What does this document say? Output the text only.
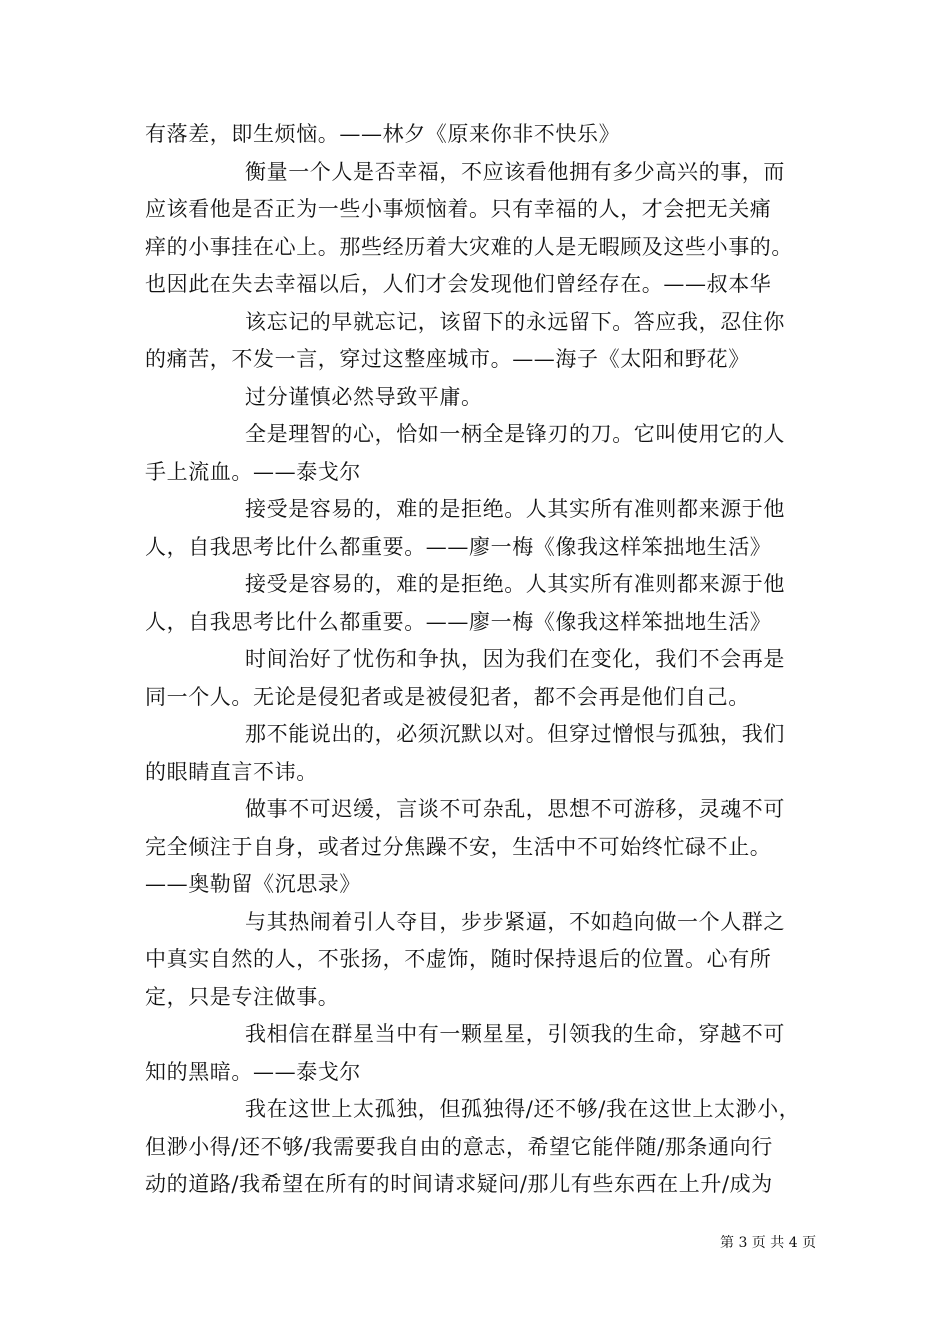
有落差，即生烦恼。——林夕《原来你非不快乐》
衡量一个人是否幸福，不应该看他拥有多少高兴的事，而
应该看他是否正为一些小事烦恼着。只有幸福的人，才会把无关痛
痒的小事挂在心上。那些经历着大灾难的人是无暇顾及这些小事的。
也因此在失去幸福以后，人们才会发现他们曾经存在。——叔本华
该忘记的早就忘记，该留下的永远留下。答应我，忍住你
的痛苦，不发一言，穿过这整座城市。——海子《太阳和野花》
过分谨慎必然导致平庸。
全是理智的心，恰如一柄全是锋刃的刀。它叫使用它的人
手上流血。——泰戈尔
接受是容易的，难的是拒绝。人其实所有准则都来源于他
人，自我思考比什么都重要。——廖一梅《像我这样笨拙地生活》
接受是容易的，难的是拒绝。人其实所有准则都来源于他
人，自我思考比什么都重要。——廖一梅《像我这样笨拙地生活》
时间治好了忧伤和争执，因为我们在变化，我们不会再是
同一个人。无论是侵犯者或是被侵犯者，都不会再是他们自己。
那不能说出的，必须沉默以对。但穿过憎恨与孤独，我们
的眼睛直言不讳。
做事不可迟缓，言谈不可杂乱，思想不可游移，灵魂不可
完全倾注于自身，或者过分焦躁不安，生活中不可始终忙碌不止。
——奥勒留《沉思录》
与其热闹着引人夺目，步步紧逼，不如趋向做一个人群之
中真实自然的人，不张扬，不虚饰，随时保持退后的位置。心有所
定，只是专注做事。
我相信在群星当中有一颗星星，引领我的生命，穿越不可
知的黑暗。——泰戈尔
我在这世上太孤独，但孤独得/还不够/我在这世上太渺小，
但渺小得/还不够/我需要我自由的意志，希望它能伴随/那条通向行
动的道路/我希望在所有的时间请求疑问/那儿有些东西在上升/成为
第 3 页 共 4 页
